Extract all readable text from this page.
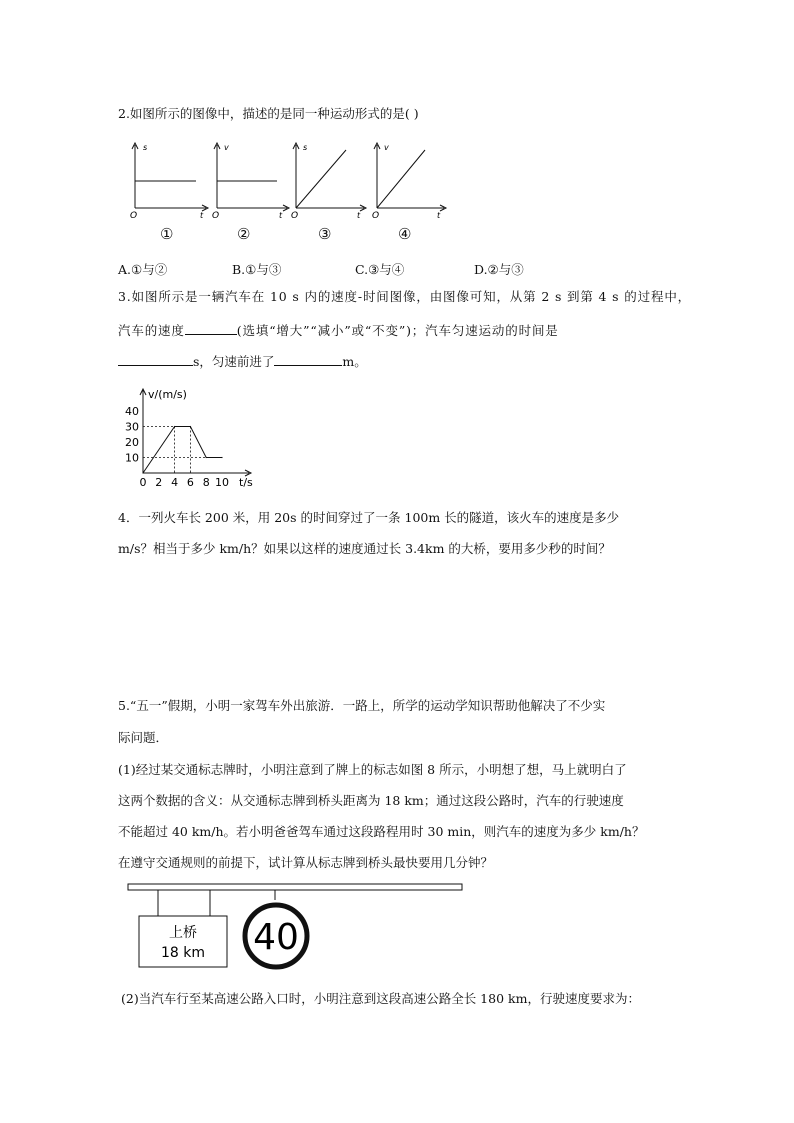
2.如图所示的图像中，描述的是同一种运动形式的是( )
s
t
O
v
t
O
s
t
O
v
t
O
①	②	③	④
A.①与②	B.①与③	C.③与④	D.②与③
3.如图所示是一辆汽车在 10 s 内的速度-时间图像，由图像可知，从第 2 s 到第 4 s 的过程中，
汽车的速度	(选填“增大”“减小”或“不变”)；汽车匀速运动的时间是
s，匀速前进了	m。
v/(m/s)
t/s
10
20
30
40
0 2 4 6 8 10
4．一列火车长 200 米，用 20s 的时间穿过了一条 100m 长的隧道，该火车的速度是多少
m/s？相当于多少 km/h？如果以这样的速度通过长 3.4km 的大桥，要用多少秒的时间？
5.“五一”假期，小明一家驾车外出旅游．一路上，所学的运动学知识帮助他解决了不少实
际问题．
(1)经过某交通标志牌时，小明注意到了牌上的标志如图 8 所示，小明想了想，马上就明白了
这两个数据的含义：从交通标志牌到桥头距离为 18 km；通过这段公路时，汽车的行驶速度
不能超过 40 km/h。若小明爸爸驾车通过这段路程用时 30 min，则汽车的速度为多少 km/h？
在遵守交通规则的前提下，试计算从标志牌到桥头最快要用几分钟？
上桥
18 km 40
(2)当汽车行至某高速公路入口时，小明注意到这段高速公路全长 180 km，行驶速度要求为：
